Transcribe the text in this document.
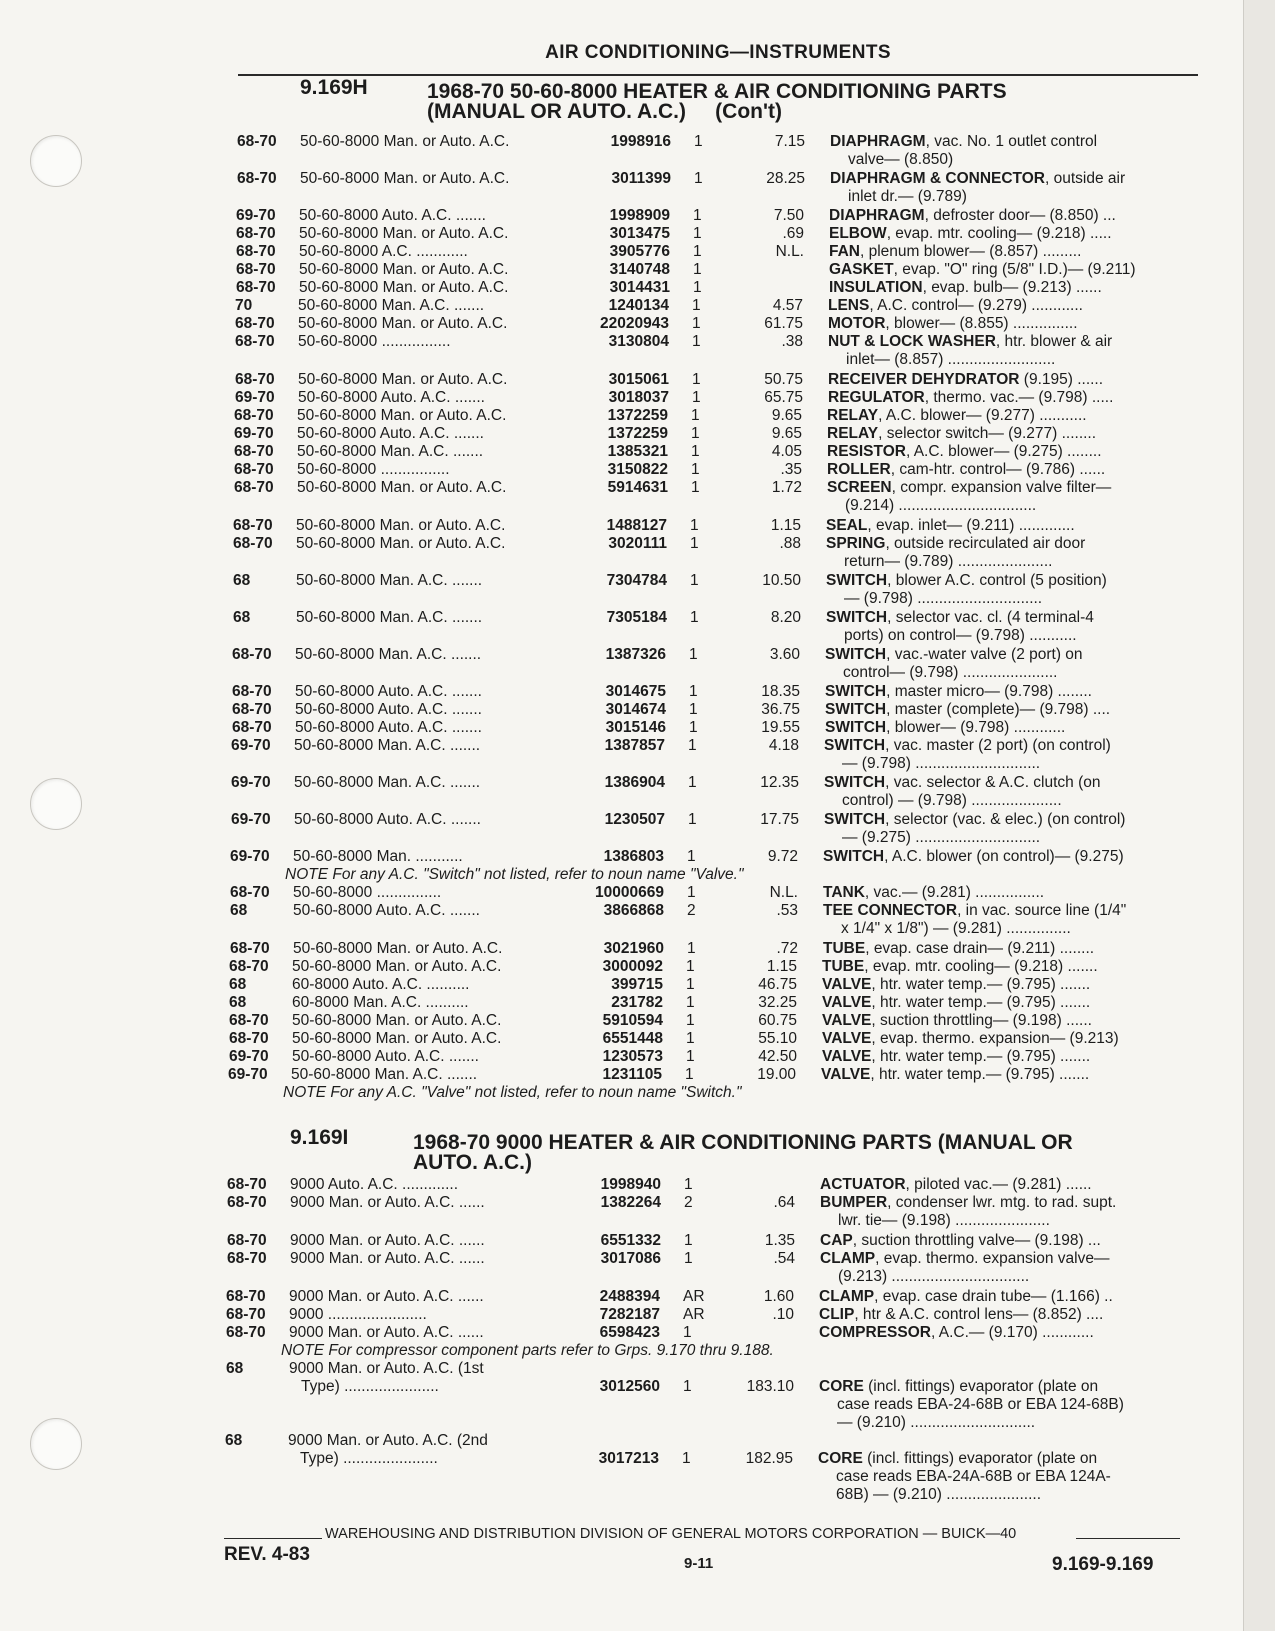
AIR CONDITIONING—INSTRUMENTS
9.169H	1968-70 50-60-8000 HEATER & AIR CONDITIONING PARTS
(MANUAL OR AUTO. A.C.)     (Con't)
9.169I	1968-70 9000 HEATER & AIR CONDITIONING PARTS (MANUAL OR
AUTO. A.C.)
68-70 50-60-8000 Man. or Auto. A.C.	1998916 1	7.15 DIAPHRAGM, vac. No. 1 outlet control
valve— (8.850)
68-70 50-60-8000 Man. or Auto. A.C.	3011399 1	28.25 DIAPHRAGM & CONNECTOR, outside air
inlet dr.— (9.789)
69-70 50-60-8000 Auto. A.C. .......	1998909 1	7.50 DIAPHRAGM, defroster door— (8.850) ...
68-70 50-60-8000 Man. or Auto. A.C.	3013475 1	.69 ELBOW, evap. mtr. cooling— (9.218) .....
68-70 50-60-8000 A.C. ............	3905776 1	N.L. FAN, plenum blower— (8.857) .........
68-70 50-60-8000 Man. or Auto. A.C.	3140748 1	GASKET, evap. "O" ring (5/8" I.D.)— (9.211)
68-70 50-60-8000 Man. or Auto. A.C.	3014431 1	INSULATION, evap. bulb— (9.213) ......
70	50-60-8000 Man. A.C. .......	1240134 1	4.57 LENS, A.C. control— (9.279) ............
68-70 50-60-8000 Man. or Auto. A.C.	22020943 1	61.75 MOTOR, blower— (8.855) ...............
68-70 50-60-8000 ................	3130804 1	.38 NUT & LOCK WASHER, htr. blower & air
inlet— (8.857) .........................
68-70 50-60-8000 Man. or Auto. A.C.	3015061 1	50.75 RECEIVER DEHYDRATOR (9.195) ......
69-70 50-60-8000 Auto. A.C. .......	3018037 1	65.75 REGULATOR, thermo. vac.— (9.798) .....
68-70 50-60-8000 Man. or Auto. A.C.	1372259 1	9.65 RELAY, A.C. blower— (9.277) ...........
69-70 50-60-8000 Auto. A.C. .......	1372259 1	9.65 RELAY, selector switch— (9.277) ........
68-70 50-60-8000 Man. A.C. .......	1385321 1	4.05 RESISTOR, A.C. blower— (9.275) ........
68-70 50-60-8000 ................	3150822 1	.35 ROLLER, cam-htr. control— (9.786) ......
68-70 50-60-8000 Man. or Auto. A.C.	5914631 1	1.72 SCREEN, compr. expansion valve filter—
(9.214) ................................
68-70 50-60-8000 Man. or Auto. A.C.	1488127 1	1.15 SEAL, evap. inlet— (9.211) .............
68-70 50-60-8000 Man. or Auto. A.C.	3020111 1	.88 SPRING, outside recirculated air door
return— (9.789) ......................
68	50-60-8000 Man. A.C. .......	7304784 1	10.50 SWITCH, blower A.C. control (5 position)
— (9.798) .............................
68	50-60-8000 Man. A.C. .......	7305184 1	8.20 SWITCH, selector vac. cl. (4 terminal-4
ports) on control— (9.798) ...........
68-70 50-60-8000 Man. A.C. .......	1387326 1	3.60 SWITCH, vac.-water valve (2 port) on
control— (9.798) ......................
68-70 50-60-8000 Auto. A.C. .......	3014675 1	18.35 SWITCH, master micro— (9.798) ........
68-70 50-60-8000 Auto. A.C. .......	3014674 1	36.75 SWITCH, master (complete)— (9.798) ....
68-70 50-60-8000 Auto. A.C. .......	3015146 1	19.55 SWITCH, blower— (9.798) ............
69-70 50-60-8000 Man. A.C. .......	1387857 1	4.18 SWITCH, vac. master (2 port) (on control)
— (9.798) .............................
69-70 50-60-8000 Man. A.C. .......	1386904 1	12.35 SWITCH, vac. selector & A.C. clutch (on
control) — (9.798) .....................
69-70 50-60-8000 Auto. A.C. .......	1230507 1	17.75 SWITCH, selector (vac. & elec.) (on control)
— (9.275) .............................
69-70 50-60-8000 Man. ...........	1386803 1	9.72 SWITCH, A.C. blower (on control)— (9.275)
NOTE For any A.C. "Switch" not listed, refer to noun name "Valve."
68-70 50-60-8000 ...............	10000669 1	N.L. TANK, vac.— (9.281) ................
68	50-60-8000 Auto. A.C. .......	3866868 2	.53 TEE CONNECTOR, in vac. source line (1/4"
x 1/4" x 1/8") — (9.281) ...............
68-70 50-60-8000 Man. or Auto. A.C.	3021960 1	.72 TUBE, evap. case drain— (9.211) ........
68-70 50-60-8000 Man. or Auto. A.C.	3000092 1	1.15 TUBE, evap. mtr. cooling— (9.218) .......
68	60-8000 Auto. A.C. ..........	399715 1	46.75 VALVE, htr. water temp.— (9.795) .......
68	60-8000 Man. A.C. ..........	231782 1	32.25 VALVE, htr. water temp.— (9.795) .......
68-70 50-60-8000 Man. or Auto. A.C.	5910594 1	60.75 VALVE, suction throttling— (9.198) ......
68-70 50-60-8000 Man. or Auto. A.C.	6551448 1	55.10 VALVE, evap. thermo. expansion— (9.213)
69-70 50-60-8000 Auto. A.C. .......	1230573 1	42.50 VALVE, htr. water temp.— (9.795) .......
69-70 50-60-8000 Man. A.C. .......	1231105 1	19.00 VALVE, htr. water temp.— (9.795) .......
NOTE For any A.C. "Valve" not listed, refer to noun name "Switch."
68-70 9000 Auto. A.C. .............	1998940 1	ACTUATOR, piloted vac.— (9.281) ......
68-70 9000 Man. or Auto. A.C. ......	1382264 2	.64 BUMPER, condenser lwr. mtg. to rad. supt.
lwr. tie— (9.198) ......................
68-70 9000 Man. or Auto. A.C. ......	6551332 1	1.35 CAP, suction throttling valve— (9.198) ...
68-70 9000 Man. or Auto. A.C. ......	3017086 1	.54 CLAMP, evap. thermo. expansion valve—
(9.213) ................................
68-70 9000 Man. or Auto. A.C. ......	2488394 AR	1.60 CLAMP, evap. case drain tube— (1.166) ..
68-70 9000 .......................	7282187 AR	.10 CLIP, htr & A.C. control lens— (8.852) ....
68-70 9000 Man. or Auto. A.C. ......	6598423 1	COMPRESSOR, A.C.— (9.170) ............
NOTE For compressor component parts refer to Grps. 9.170 thru 9.188.
68	9000 Man. or Auto. A.C. (1st
Type) ......................	3012560 1	183.10 CORE (incl. fittings) evaporator (plate on
case reads EBA-24-68B or EBA 124-68B)
— (9.210) .............................
68	9000 Man. or Auto. A.C. (2nd
Type) ......................	3017213 1	182.95 CORE (incl. fittings) evaporator (plate on
case reads EBA-24A-68B or EBA 124A-
68B) — (9.210) ......................
WAREHOUSING AND DISTRIBUTION DIVISION OF GENERAL MOTORS CORPORATION — BUICK—40
REV. 4-83	9-11	9.169-9.169
